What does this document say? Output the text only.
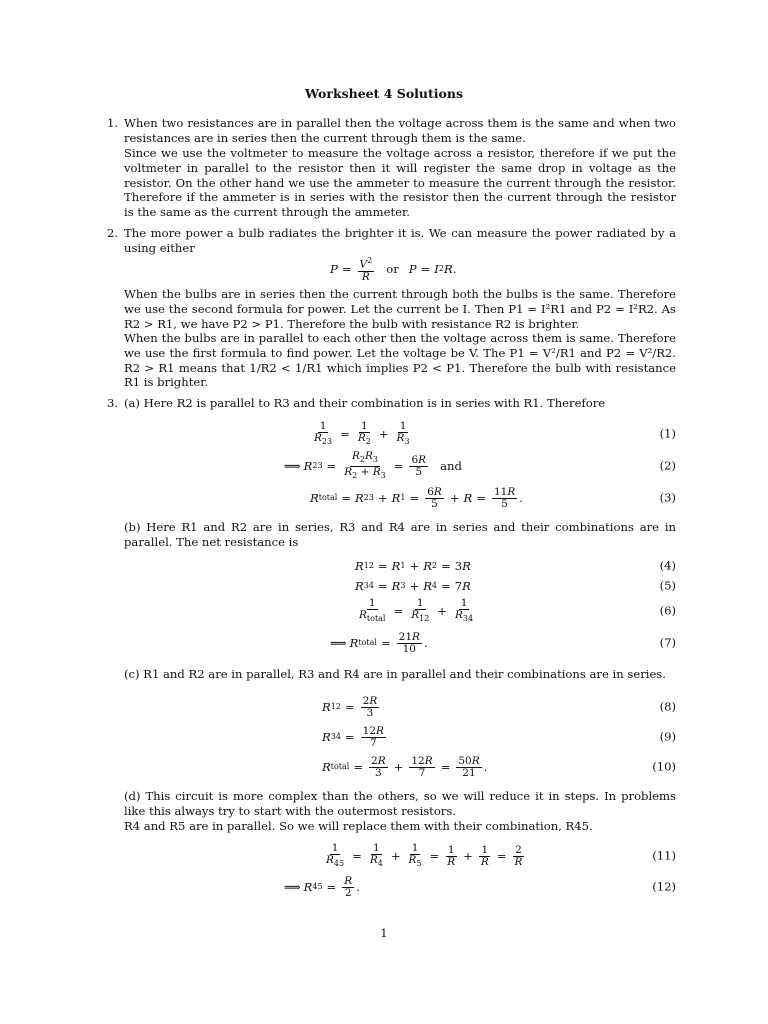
Worksheet 4 Solutions
1. When two resistances are in parallel then the voltage across them is the same and when two resistances are in series then the current through them is the same.
Since we use the voltmeter to measure the voltage across a resistor, therefore if we put the voltmeter in parallel to the resistor then it will register the same drop in voltage as the resistor. On the other hand we use the ammeter to measure the current through the resistor. Therefore if the ammeter is in series with the resistor then the current through the resistor is the same as the current through the ammeter.
2. The more power a bulb radiates the brighter it is. We can measure the power radiated by a using either
$P = \frac{V^2}{R}$ or P = I 2 R .
When the bulbs are in series then the current through both the bulbs is the same. Therefore we use the second formula for power. Let the current be I. Then P1 = I²R1 and P2 = I²R2. As R2 > R1, we have P2 > P1. Therefore the bulb with resistance R2 is brighter.
When the bulbs are in parallel to each other then the voltage across them is same. Therefore we use the first formula to find power. Let the voltage be V. The P1 = V²/R1 and P2 = V²/R2. R2 > R1 means that 1/R2 < 1/R1 which implies P2 < P1. Therefore the bulb with resistance R1 is brighter.
3. (a) Here R2 is parallel to R3 and their combination is in series with R1. Therefore
$\frac{1}{R_{23}} = \frac{1}{R_2} + \frac{1}{R_3}$	(1)
⟹ R $23 = \frac{R_2R_3}{R_2 + R_3} = \frac{6R}{5}$ and	(2)
R total = R 23 + R $1 = \frac{6R}{5} + R = \frac{11R}{5}$ .	(3)
(b) Here R1 and R2 are in series, R3 and R4 are in series and their combinations are in parallel. The net resistance is
R 12 = R 1 + R 2 = 3 R	(4)
R 34 = R 3 + R 4 = 7 R	(5)
$\frac{1}{R_{total}} = \frac{1}{R_{12}} + \frac{1}{R_{34}}$	(6)
⟹ R total = $\frac{21R}{10}$ .	(7)
(c) R1 and R2 are in parallel, R3 and R4 are in parallel and their combinations are in series.
R $12 = \frac{2R}{3}$	(8)
R $34 = \frac{12R}{7}$	(9)
R total = $\frac{2R}{3} + \frac{12R}{7} = \frac{50R}{21}$ .	(10)
(d) This circuit is more complex than the others, so we will reduce it in steps. In problems like this always try to start with the outermost resistors.
R4 and R5 are in parallel. So we will replace them with their combination, R45.
$\frac{1}{R_{45}} = \frac{1}{R_4} + \frac{1}{R_5} = \frac{1}{R} + \frac{1}{R} = \frac{2}{R}$	(11)
⟹ R $45 = \frac{R}{2}$ .	(12)
1
